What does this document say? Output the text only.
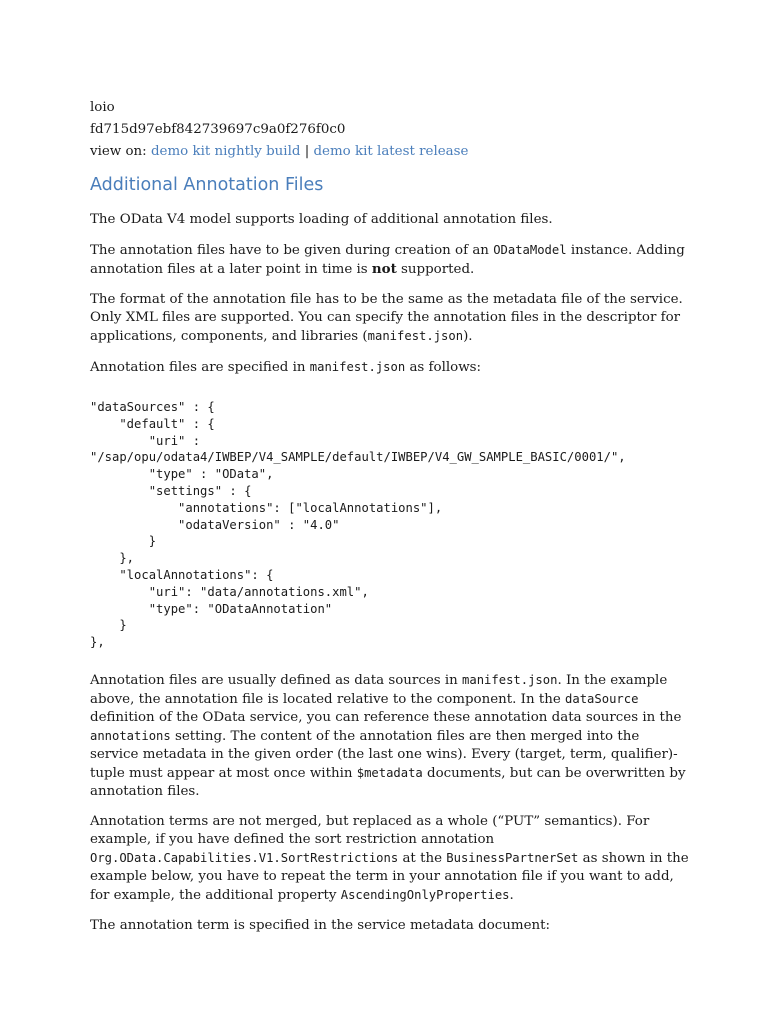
loio
fd715d97ebf842739697c9a0f276f0c0
view on: demo kit nightly build | demo kit latest release
Additional Annotation Files

The OData V4 model supports loading of additional annotation files.

The annotation files have to be given during creation of an ODataModel instance. Adding annotation files at a later point in time is not supported.

The format of the annotation file has to be the same as the metadata file of the service. Only XML files are supported. You can specify the annotation files in the descriptor for applications, components, and libraries (manifest.json).

Annotation files are specified in manifest.json as follows:

"dataSources" : {
"default" : {
"uri" :
"/sap/opu/odata4/IWBEP/V4_SAMPLE/default/IWBEP/V4_GW_SAMPLE_BASIC/0001/",
"type" : "OData",
"settings" : {
"annotations": ["localAnnotations"],
"odataVersion" : "4.0"
}
},
"localAnnotations": {
"uri": "data/annotations.xml",
"type": "ODataAnnotation"
}
},

Annotation files are usually defined as data sources in manifest.json. In the example above, the annotation file is located relative to the component. In the dataSource definition of the OData service, you can reference these annotation data sources in the annotations setting. The content of the annotation files are then merged into the service metadata in the given order (the last one wins). Every (target, term, qualifier)-tuple must appear at most once within $metadata documents, but can be overwritten by annotation files.

Annotation terms are not merged, but replaced as a whole (“PUT” semantics). For example, if you have defined the sort restriction annotation Org.OData.Capabilities.V1.SortRestrictions at the BusinessPartnerSet as shown in the example below, you have to repeat the term in your annotation file if you want to add, for example, the additional property AscendingOnlyProperties.

The annotation term is specified in the service metadata document:
